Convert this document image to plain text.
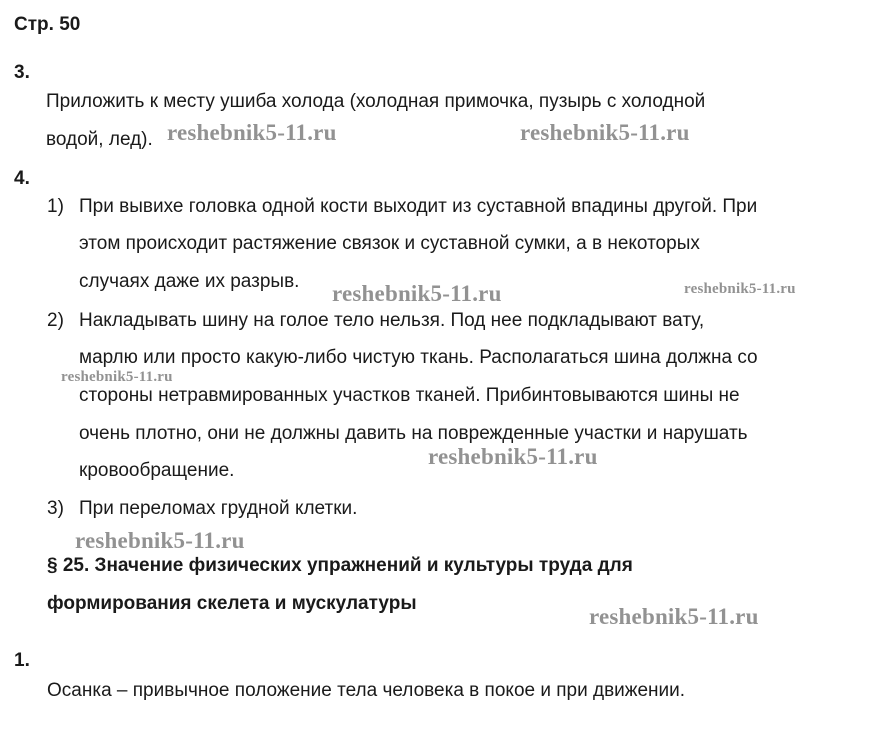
Стр. 50
3.
Приложить к месту ушиба холода (холодная примочка, пузырь с холодной
водой, лед).
4.
1) При вывихе головка одной кости выходит из суставной впадины другой. При
этом происходит растяжение связок и суставной сумки, а в некоторых
случаях даже их разрыв.
2) Накладывать шину на голое тело нельзя. Под нее подкладывают вату,
марлю или просто какую-либо чистую ткань. Располагаться шина должна со
стороны нетравмированных участков тканей. Прибинтовываются шины не
очень плотно, они не должны давить на поврежденные участки и нарушать
кровообращение.
3) При переломах грудной клетки.
§ 25. Значение физических упражнений и культуры труда для
формирования скелета и мускулатуры
1.
Осанка – привычное положение тела человека в покое и при движении.
reshebnik5-11.ru	reshebnik5-11.ru
reshebnik5-11.ru	reshebnik5-11.ru
reshebnik5-11.ru
reshebnik5-11.ru
reshebnik5-11.ru
reshebnik5-11.ru
